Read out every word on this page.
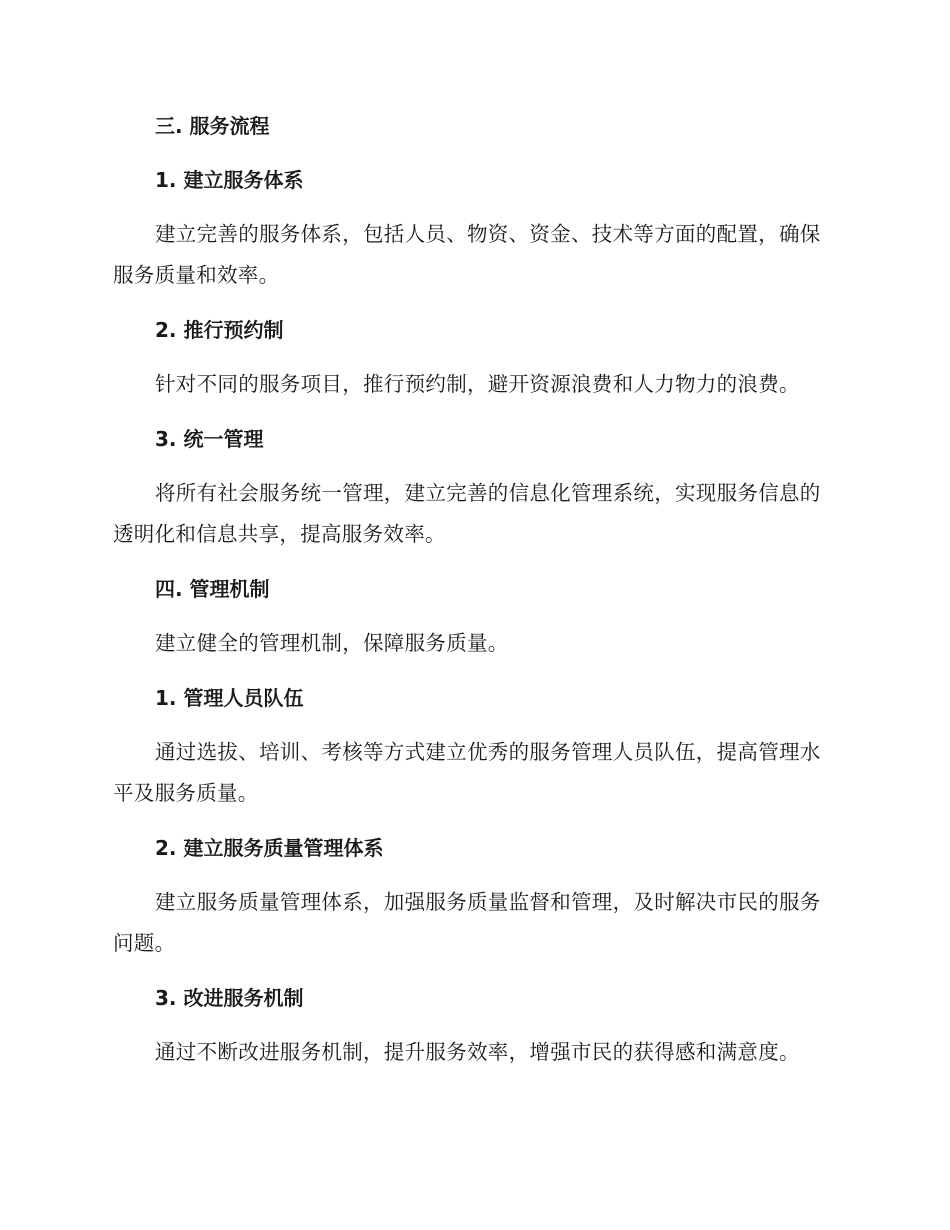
三. 服务流程
1. 建立服务体系
建立完善的服务体系，包括人员、物资、资金、技术等方面的配置，确保服务质量和效率。
2. 推行预约制
针对不同的服务项目，推行预约制，避开资源浪费和人力物力的浪费。
3. 统一管理
将所有社会服务统一管理，建立完善的信息化管理系统，实现服务信息的透明化和信息共享，提高服务效率。
四. 管理机制
建立健全的管理机制，保障服务质量。
1. 管理人员队伍
通过选拔、培训、考核等方式建立优秀的服务管理人员队伍，提高管理水平及服务质量。
2. 建立服务质量管理体系
建立服务质量管理体系，加强服务质量监督和管理，及时解决市民的服务问题。
3. 改进服务机制
通过不断改进服务机制，提升服务效率，增强市民的获得感和满意度。
